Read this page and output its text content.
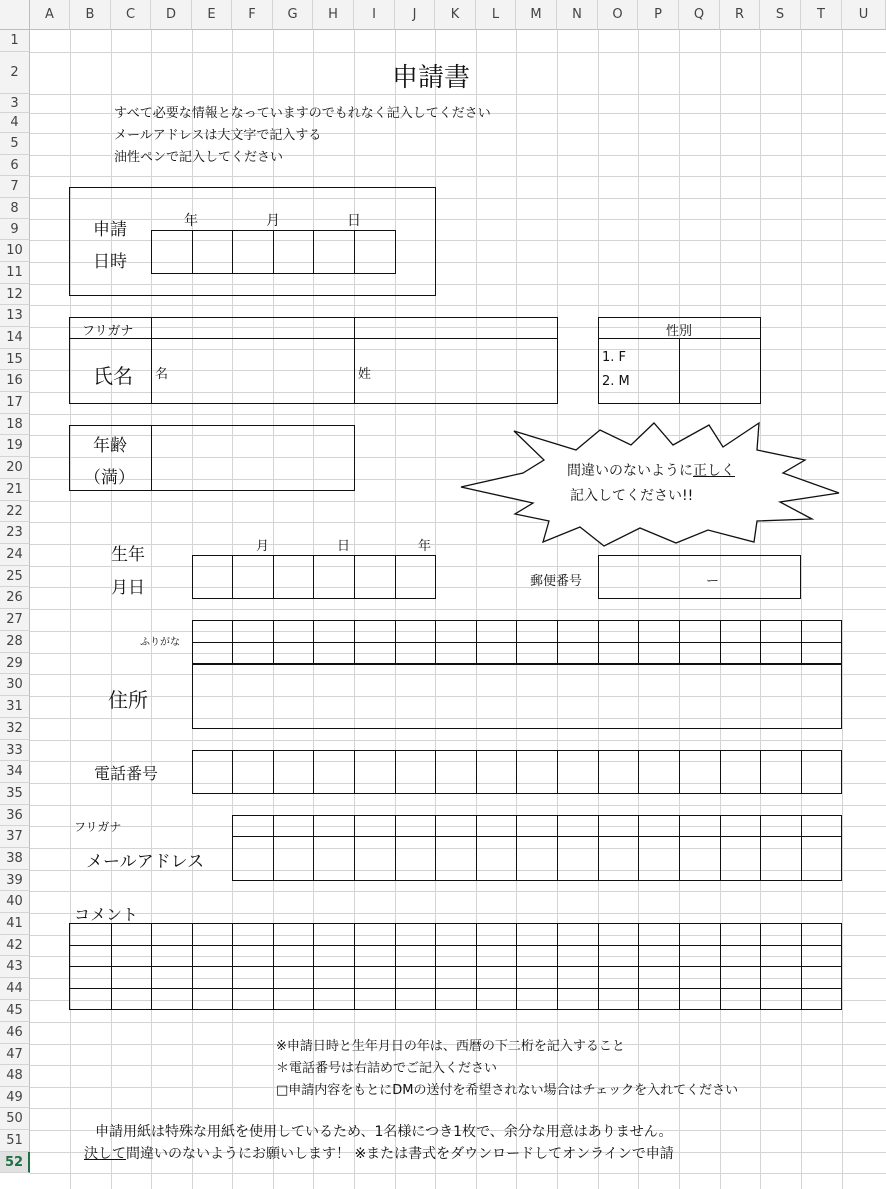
A	B	C	D	E	F	G	H	I	J	K	L	M	N	O	P	Q	R	S	T	U
1
2
3
4
5
6
7
8
9
10
11
12
13
14
15
16
17
18
19
20
21
22
23
24
25
26
27
28
29
30
31
32
33
34
35
36
37
38
39
40
41
42
43
44
45
46
47
48
49
50
51
52
申請書
すべて必要な情報となっていますのでもれなく記入してください
メールアドレスは大文字で記入する
油性ペンで記入してください
申請
日時
年	月	日
フリガナ
氏名 名	姓
性別
1. F
2. M
年齢
（満）	間違いのないように正しく
記入してください!!
生年
月日
月	日	年
郵便番号	ー
ふりがな
住所
電話番号
フリガナ
メールアドレス
コメント
※申請日時と生年月日の年は、西暦の下二桁を記入すること
＊電話番号は右詰めでご記入ください
□申請内容をもとにDMの送付を希望されない場合はチェックを入れてください
申請用紙は特殊な用紙を使用しているため、1名様につき1枚で、余分な用意はありません。
決して間違いのないようにお願いします！ ※または書式をダウンロードしてオンラインで申請
